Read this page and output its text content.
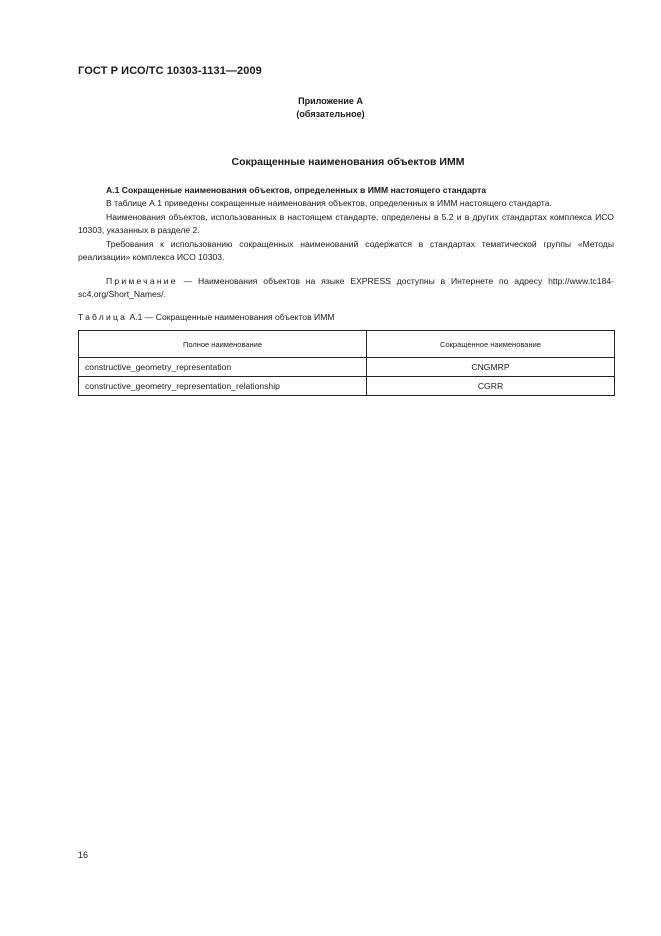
ГОСТ Р ИСО/ТС 10303-1131—2009
Приложение А
(обязательное)
Сокращенные наименования объектов ИММ
А.1 Сокращенные наименования объектов, определенных в ИММ настоящего стандарта

В таблице А.1 приведены сокращенные наименования объектов, определенных в ИММ настоящего стандарта.

Наименования объектов, использованных в настоящем стандарте, определены в 5.2 и в других стандартах комплекса ИСО 10303, указанных в разделе 2.

Требования к использованию сокращенных наименований содержатся в стандартах тематической группы «Методы реализации» комплекса ИСО 10303.

Примечание — Наименования объектов на языке EXPRESS доступны в Интернете по адресу http://www.tc184-sc4.org/Short_Names/.

Таблица А.1 — Сокращенные наименования объектов ИММ
Полное наименование	Сокращенное наименование
constructive_geometry_representation	CNGMRP
constructive_geometry_representation_relationship	CGRR
16
